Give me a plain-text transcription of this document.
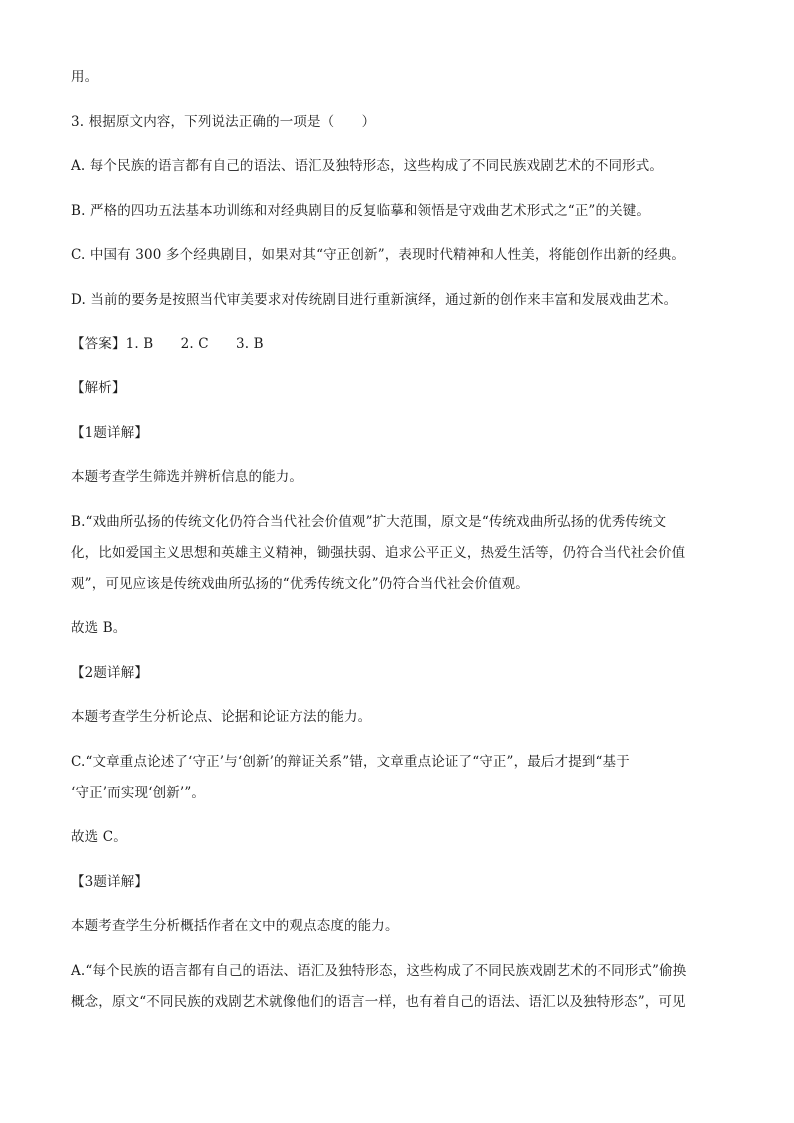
用。
3. 根据原文内容，下列说法正确的一项是（　　）
A. 每个民族的语言都有自己的语法、语汇及独特形态，这些构成了不同民族戏剧艺术的不同形式。
B. 严格的四功五法基本功训练和对经典剧目的反复临摹和领悟是守戏曲艺术形式之“正”的关键。
C. 中国有 300 多个经典剧目，如果对其“守正创新”，表现时代精神和人性美，将能创作出新的经典。
D. 当前的要务是按照当代审美要求对传统剧目进行重新演绎，通过新的创作来丰富和发展戏曲艺术。
【答案】1. B　　2. C　　3. B
【解析】
【1题详解】
本题考查学生筛选并辨析信息的能力。
B.“戏曲所弘扬的传统文化仍符合当代社会价值观”扩大范围，原文是“传统戏曲所弘扬的优秀传统文
化，比如爱国主义思想和英雄主义精神，锄强扶弱、追求公平正义，热爱生活等，仍符合当代社会价值
观”，可见应该是传统戏曲所弘扬的“优秀传统文化”仍符合当代社会价值观。
故选 B。
【2题详解】
本题考查学生分析论点、论据和论证方法的能力。
C.“文章重点论述了‘守正’与‘创新’的辩证关系”错，文章重点论证了“守正”，最后才提到“基于
‘守正’而实现‘创新’”。
故选 C。
【3题详解】
本题考查学生分析概括作者在文中的观点态度的能力。
A.“每个民族的语言都有自己的语法、语汇及独特形态，这些构成了不同民族戏剧艺术的不同形式”偷换
概念，原文“不同民族的戏剧艺术就像他们的语言一样，也有着自己的语法、语汇以及独特形态”，可见
